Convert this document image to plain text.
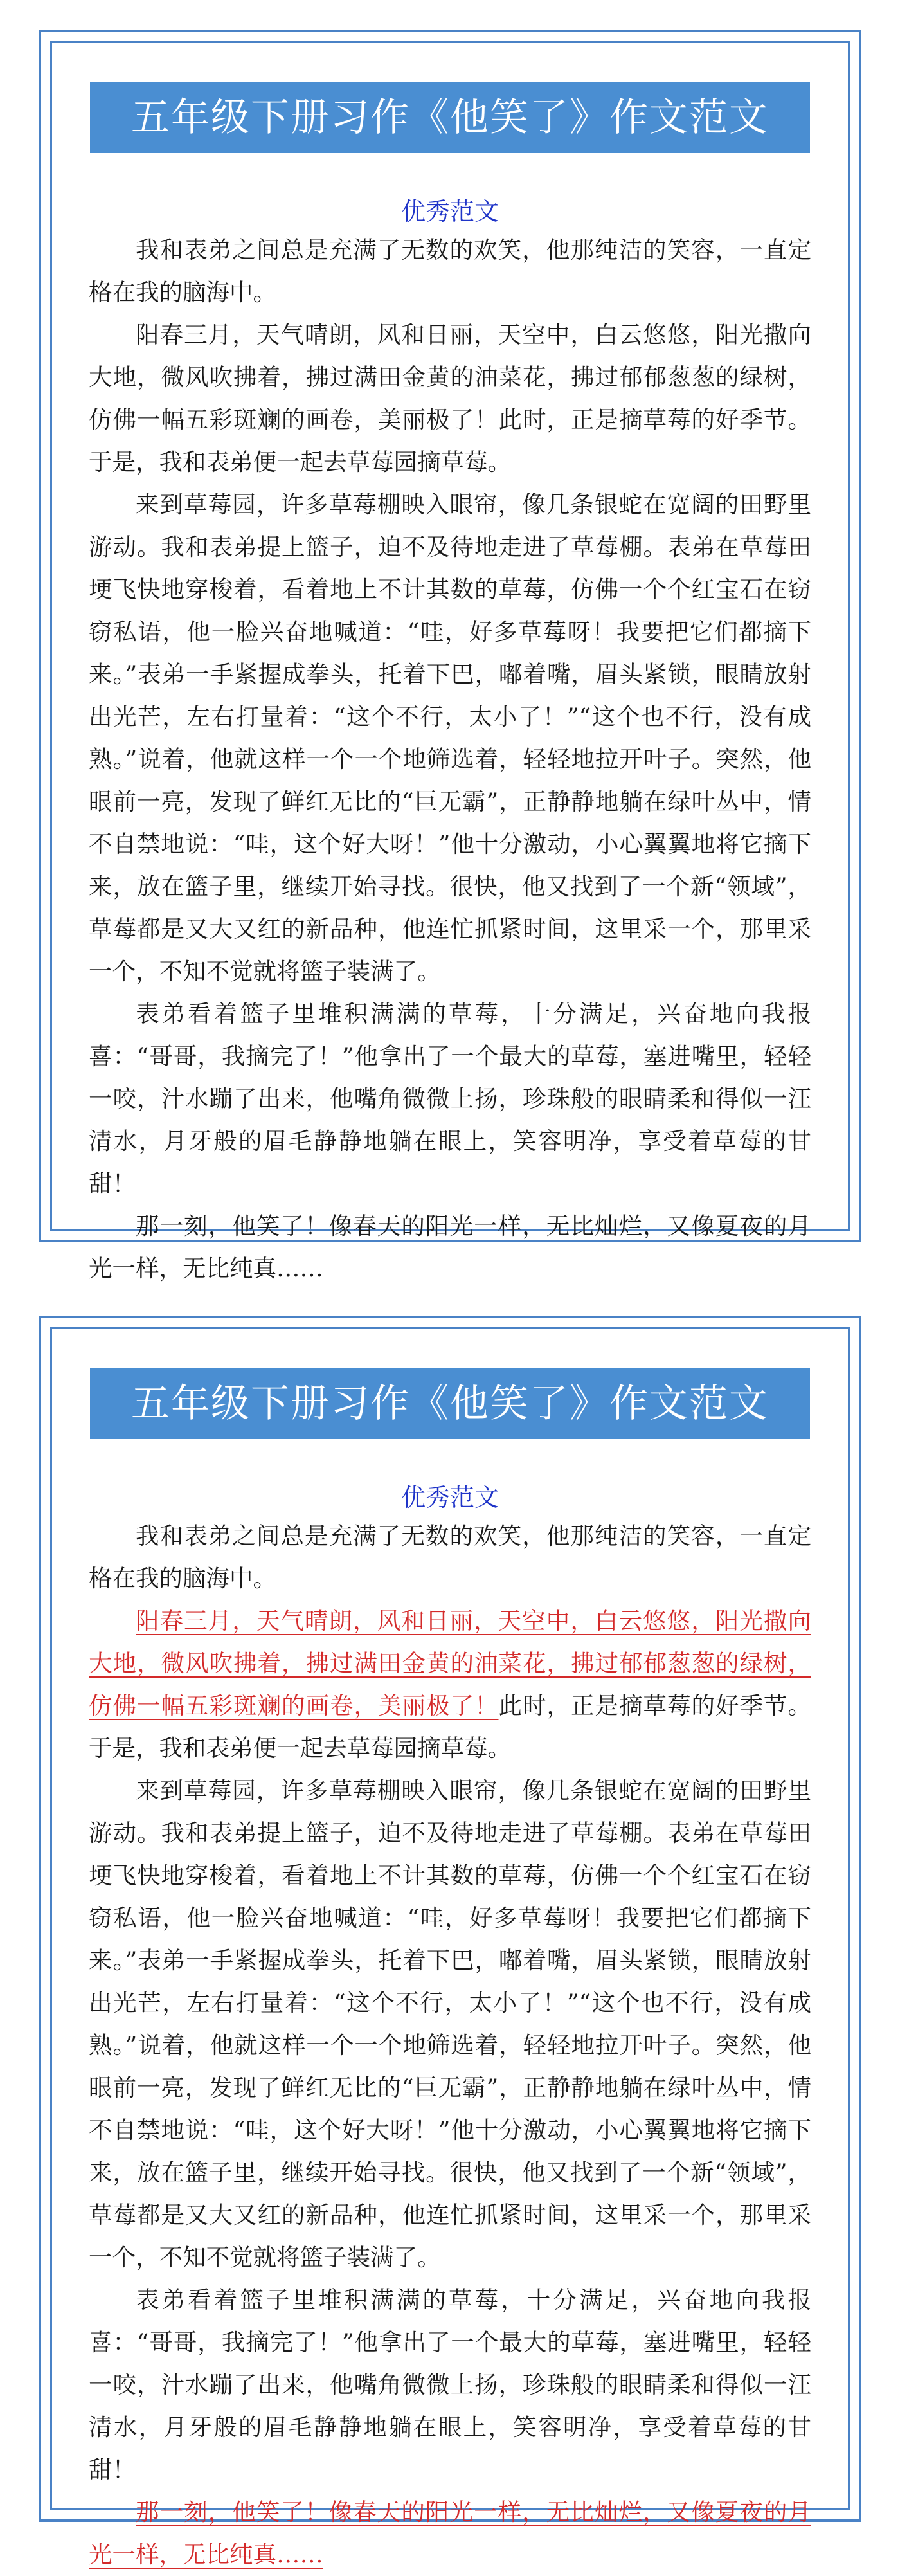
五年级下册习作《他笑了》作文范文
优秀范文

我和表弟之间总是充满了无数的欢笑，他那纯洁的笑容，一直定格在我的脑海中。

阳春三月，天气晴朗，风和日丽，天空中，白云悠悠，阳光撒向大地，微风吹拂着，拂过满田金黄的油菜花，拂过郁郁葱葱的绿树，仿佛一幅五彩斑斓的画卷，美丽极了！此时，正是摘草莓的好季节。于是，我和表弟便一起去草莓园摘草莓。

来到草莓园，许多草莓棚映入眼帘，像几条银蛇在宽阔的田野里游动。我和表弟提上篮子，迫不及待地走进了草莓棚。表弟在草莓田埂飞快地穿梭着，看着地上不计其数的草莓，仿佛一个个红宝石在窃窃私语，他一脸兴奋地喊道：“哇，好多草莓呀！我要把它们都摘下来。”表弟一手紧握成拳头，托着下巴，嘟着嘴，眉头紧锁，眼睛放射出光芒，左右打量着：“这个不行，太小了！”“这个也不行，没有成熟。”说着，他就这样一个一个地筛选着，轻轻地拉开叶子。突然，他眼前一亮，发现了鲜红无比的“巨无霸”，正静静地躺在绿叶丛中，情不自禁地说：“哇，这个好大呀！”他十分激动，小心翼翼地将它摘下来，放在篮子里，继续开始寻找。很快，他又找到了一个新“领域”，草莓都是又大又红的新品种，他连忙抓紧时间，这里采一个，那里采一个，不知不觉就将篮子装满了。

表弟看着篮子里堆积满满的草莓，十分满足，兴奋地向我报喜：“哥哥，我摘完了！”他拿出了一个最大的草莓，塞进嘴里，轻轻一咬，汁水蹦了出来，他嘴角微微上扬，珍珠般的眼睛柔和得似一汪清水，月牙般的眉毛静静地躺在眼上，笑容明净，享受着草莓的甘甜！

那一刻，他笑了！像春天的阳光一样，无比灿烂，又像夏夜的月光一样，无比纯真……

五年级下册习作《他笑了》作文范文
优秀范文

我和表弟之间总是充满了无数的欢笑，他那纯洁的笑容，一直定格在我的脑海中。

阳春三月，天气晴朗，风和日丽，天空中，白云悠悠，阳光撒向大地，微风吹拂着，拂过满田金黄的油菜花，拂过郁郁葱葱的绿树，仿佛一幅五彩斑斓的画卷，美丽极了！此时，正是摘草莓的好季节。于是，我和表弟便一起去草莓园摘草莓。

来到草莓园，许多草莓棚映入眼帘，像几条银蛇在宽阔的田野里游动。我和表弟提上篮子，迫不及待地走进了草莓棚。表弟在草莓田埂飞快地穿梭着，看着地上不计其数的草莓，仿佛一个个红宝石在窃窃私语，他一脸兴奋地喊道：“哇，好多草莓呀！我要把它们都摘下来。”表弟一手紧握成拳头，托着下巴，嘟着嘴，眉头紧锁，眼睛放射出光芒，左右打量着：“这个不行，太小了！”“这个也不行，没有成熟。”说着，他就这样一个一个地筛选着，轻轻地拉开叶子。突然，他眼前一亮，发现了鲜红无比的“巨无霸”，正静静地躺在绿叶丛中，情不自禁地说：“哇，这个好大呀！”他十分激动，小心翼翼地将它摘下来，放在篮子里，继续开始寻找。很快，他又找到了一个新“领域”，草莓都是又大又红的新品种，他连忙抓紧时间，这里采一个，那里采一个，不知不觉就将篮子装满了。

表弟看着篮子里堆积满满的草莓，十分满足，兴奋地向我报喜：“哥哥，我摘完了！”他拿出了一个最大的草莓，塞进嘴里，轻轻一咬，汁水蹦了出来，他嘴角微微上扬，珍珠般的眼睛柔和得似一汪清水，月牙般的眉毛静静地躺在眼上，笑容明净，享受着草莓的甘甜！

那一刻，他笑了！像春天的阳光一样，无比灿烂，又像夏夜的月光一样，无比纯真……
